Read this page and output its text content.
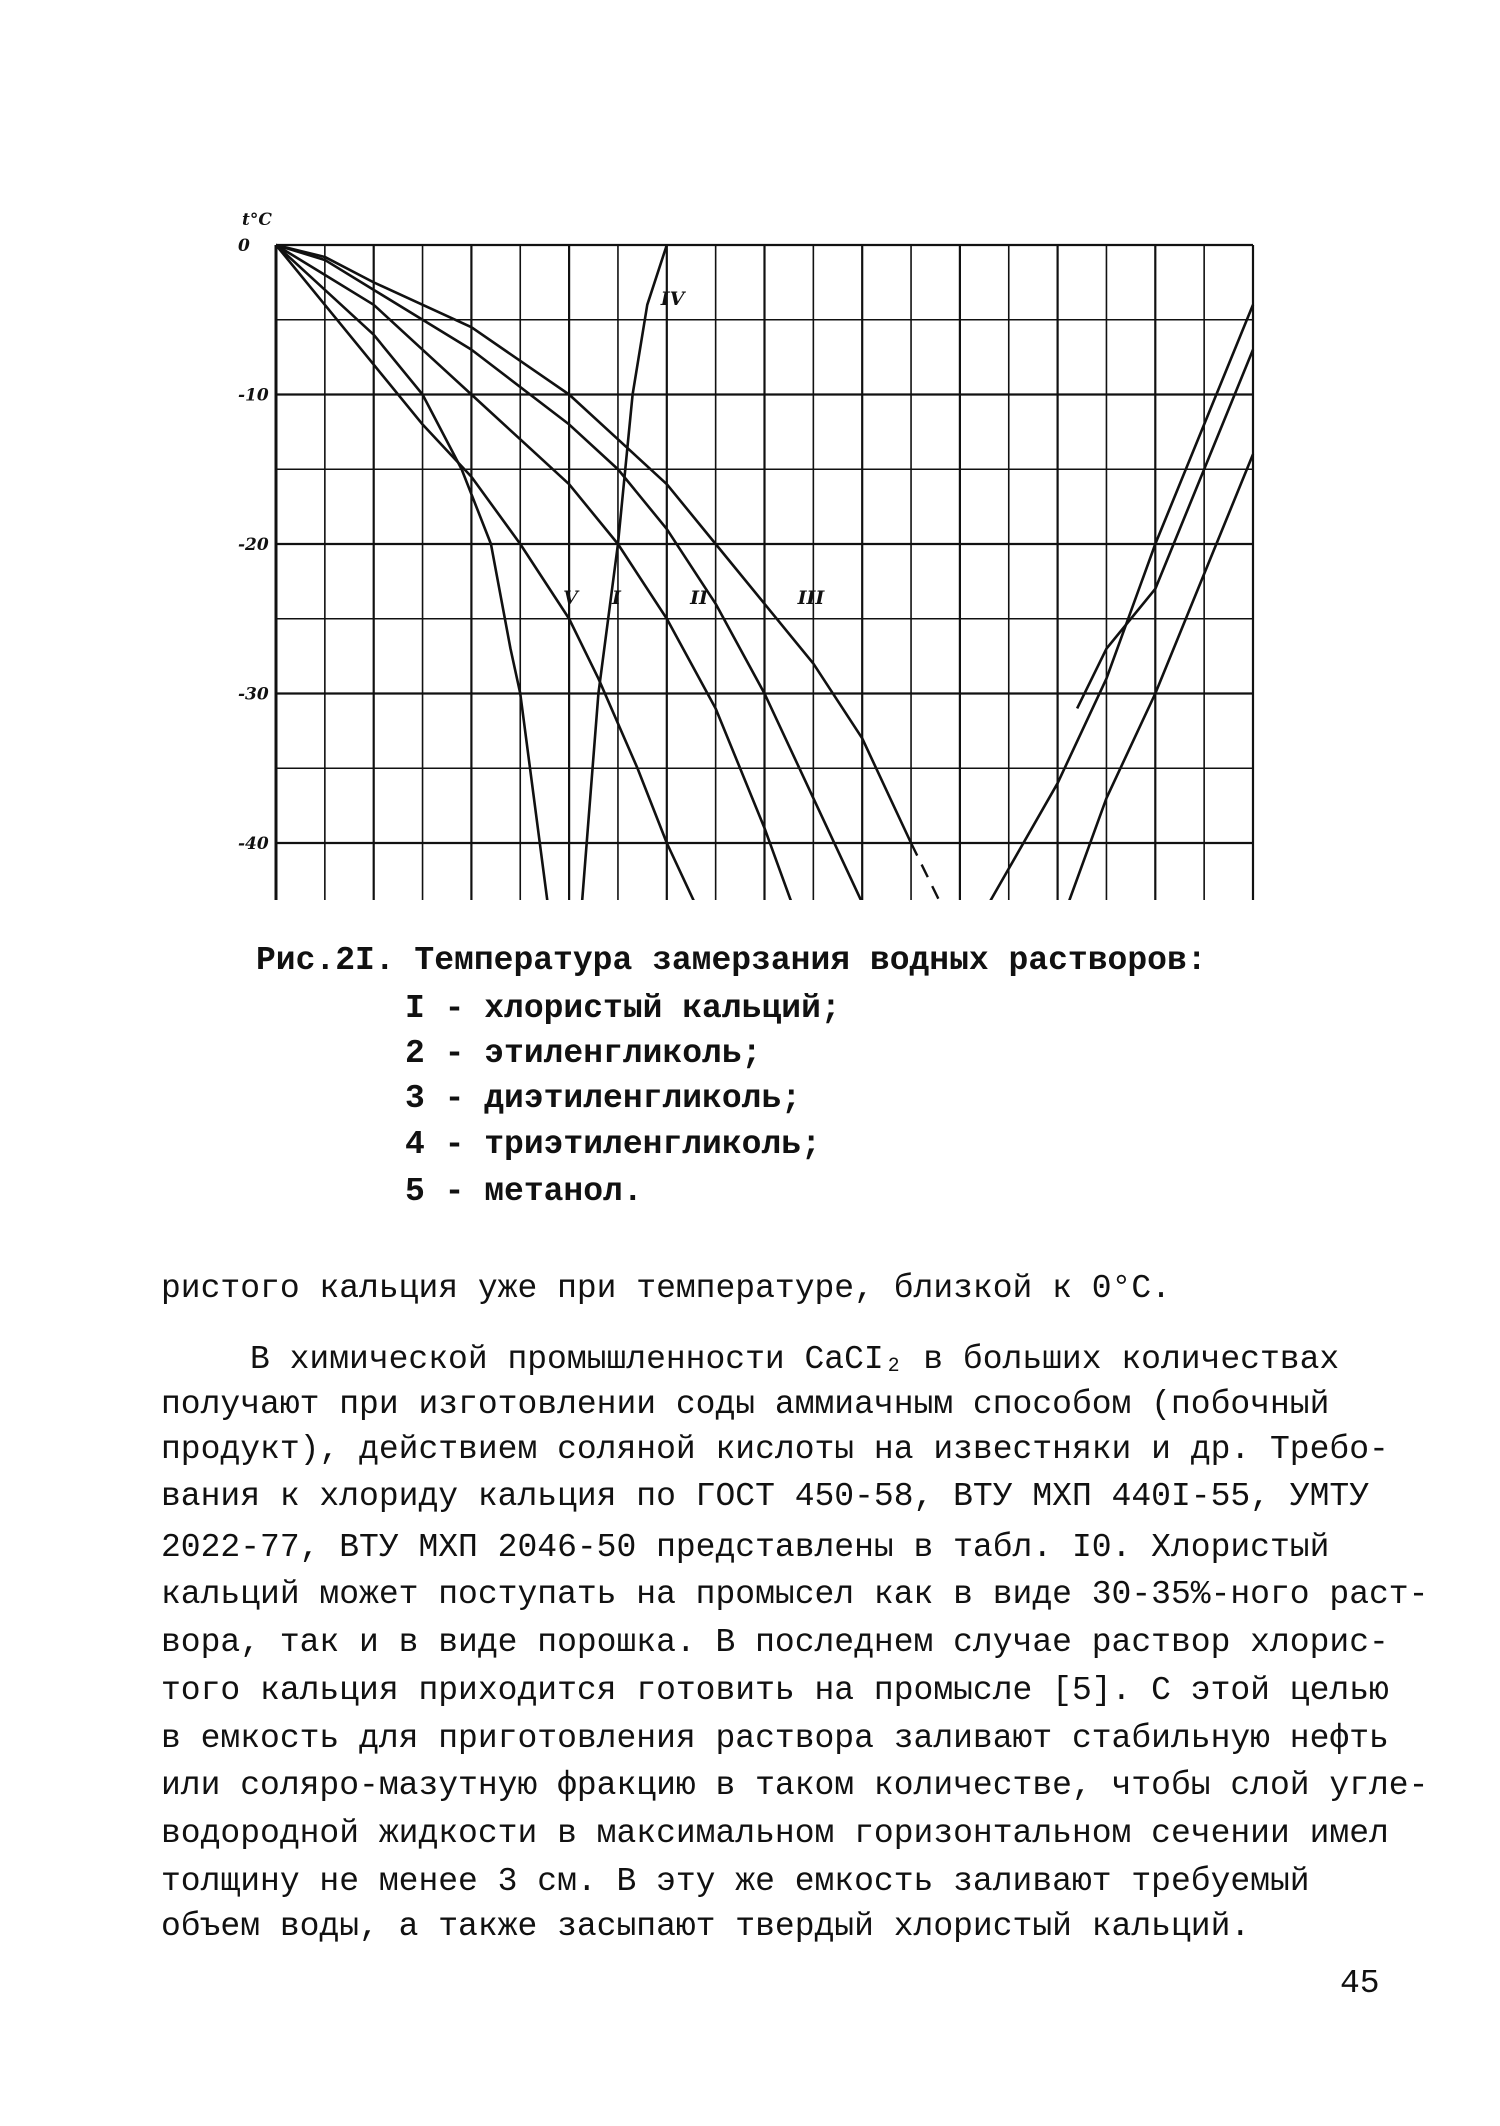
0
-10
-20
-30
-40
t°C
V I	II	III
IV
Рис.2I. Температура замерзания водных растворов:
I - хлористый кальций;
2 - этиленгликоль;
3 - диэтиленгликоль;
4 - триэтиленгликоль;
5 - метанол.
ристого кальция уже при температуре, близкой к 0°С.
В химической промышленности CaCI₂ в больших количествах
получают при изготовлении соды аммиачным способом (побочный
продукт), действием соляной кислоты на известняки и др. Требо-
вания к хлориду кальция по ГОСТ 450-58, ВТУ МХП 440I-55, УМТУ
2022-77, ВТУ МХП 2046-50 представлены в табл. I0. Хлористый
кальций может поступать на промысел как в виде 30-35%-ного раст-
вора, так и в виде порошка. В последнем случае раствор хлорис-
того кальция приходится готовить на промысле [5]. С этой целью
в емкость для приготовления раствора заливают стабильную нефть
или соляро-мазутную фракцию в таком количестве, чтобы слой угле-
водородной жидкости в максимальном горизонтальном сечении имел
толщину не менее 3 см. В эту же емкость заливают требуемый
объем воды, а также засыпают твердый хлористый кальций.
45
